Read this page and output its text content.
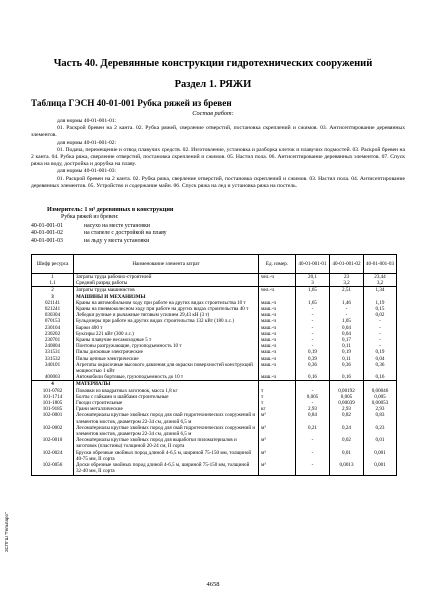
Часть 40. Деревянные конструкции гидротехнических сооружений
Раздел 1. РЯЖИ
Таблица ГЭСН 40-01-001 Рубка ряжей из бревен
Состав работ:

для нормы 40-01-001-01:

01. Раскрой бревен на 2 канта. 02. Рубка ряжей, сверление отверстий, постановка скреплений и сжимов. 03. Антисептирование деревянных элементов.

для нормы 40-01-001-02:

01. Подача, перемещение и отвод плавучих средств. 02. Изготовление, установка и разборка клеток и плавучих подмостей. 03. Раскрой бревен на 2 канта. 04. Рубка ряжа, сверление отверстий, постановка скреплений и сжимов. 05. Настил пола. 06. Антисептирование деревянных элементов. 07. Спуск ряжа на воду, достройка и дорубка на плаву.

для нормы 40-01-001-03:

01. Раскрой бревен на 2 канта. 02. Рубка ряжа, сверление отверстий, постановка скреплений и сжимов. 03. Настил пола. 04. Антисептирование деревянных элементов. 05. Устройство и содержание майн. 06. Спуск ряжа на лед и установка ряжа на постель.

Измеритель: 1 м³ деревянных в конструкции
Рубка ряжей из бревен:
40-01-001-01	насухо на месте установки
40-01-001-02	на стапеле с достройкой на плаву
40-01-001-03	на льду у места установки
Шифр ресурса	Наименование элемента затрат	Ед. измер.	40-01-001-01	40-01-001-02	40-01-001-03
1	Затраты труда рабочих-строителей	чел.-ч	20,1	23	23,44
1.1	Средний разряд работы		3	3,2	3,2
2	Затраты труда машинистов	чел.-ч	1,65	2,51	1,34
3	МАШИНЫ И МЕХАНИЗМЫ				
021141	Краны на автомобильном ходу при работе на других видах строительства 10 т	маш.-ч	1,65	1,46	1,19
021241	Краны на пневмоколесном ходу при работе на других видах строительства 40 т	маш.-ч	-	-	0,15
030304	Лебедки ручные и рычажные тяговым усилием 29,43 кН (3 т)	маш.-ч	-	-	0,02
070153	Бульдозеры при работе на других видах строительства 132 кВт (180 л.с.)	маш.-ч	-	1,05	-
230104	Баржи 400 т	маш.-ч	-	0,04	-
230202	Буксиры 221 кВт (300 л.с.)	маш.-ч	-	0,04	-
230701	Краны плавучие несамоходные 5 т	маш.-ч	-	0,17	-
240804	Понтоны разгружающие, грузоподъемность 10 т	маш.-ч	-	0,11	-
331531	Пилы дисковые электрические	маш.-ч	0,19	0,19	0,19
331532	Пилы цепные электрические	маш.-ч	0,39	0,11	0,04
340101	Агрегаты окрасочные высокого давления для окраски поверхностей конструкций мощностью 1 кВт	маш.-ч	0,36	0,36	0,36
400003	Автомобили бортовые, грузоподъемность до 10 т	маш.-ч	0,16	0,16	0,16
4	МАТЕРИАЛЫ				
101-0782	Поковки из квадратных заготовок, масса 1,8 кг	т	-	0,00192	0,00046
101-1714	Болты с гайками и шайбами строительные	т	0,005	0,005	0,005
101-1805	Гвозди строительные	т	-	0,00039	0,00053
101-9185	Грани металлические	кг	2,93	2,93	2,93
102-0001	Лесоматериалы круглые хвойных пород для свай гидротехнических сооружений и элементов мостов, диаметром 22-34 см, длиной 6,5 м	м³	0,84	0,82	0,83
102-0002	Лесоматериалы круглые хвойных пород для свай гидротехнических сооружений и элементов мостов, диаметром 22-34 см, длиной 6,5 м	м³	0,21	0,24	0,23
102-0010	Лесоматериалы круглые хвойных пород для выработки пиломатериалов и заготовок (пластины) толщиной 20-24 см, II сорта	м³	-	0,02	0,01
102-0024	Бруски обрезные хвойных пород длиной 4-6,5 м, шириной 75-150 мм, толщиной 40-75 мм, II сорта	м³	-	0,01	0,001
102-0056	Доски обрезные хвойных пород длиной 4-6,5 м, шириной 75-150 мм, толщиной 32-40 мм, II сорта	м³	-	0,0013	0,001
4658
ЗСПГШ "Гельпаро"
